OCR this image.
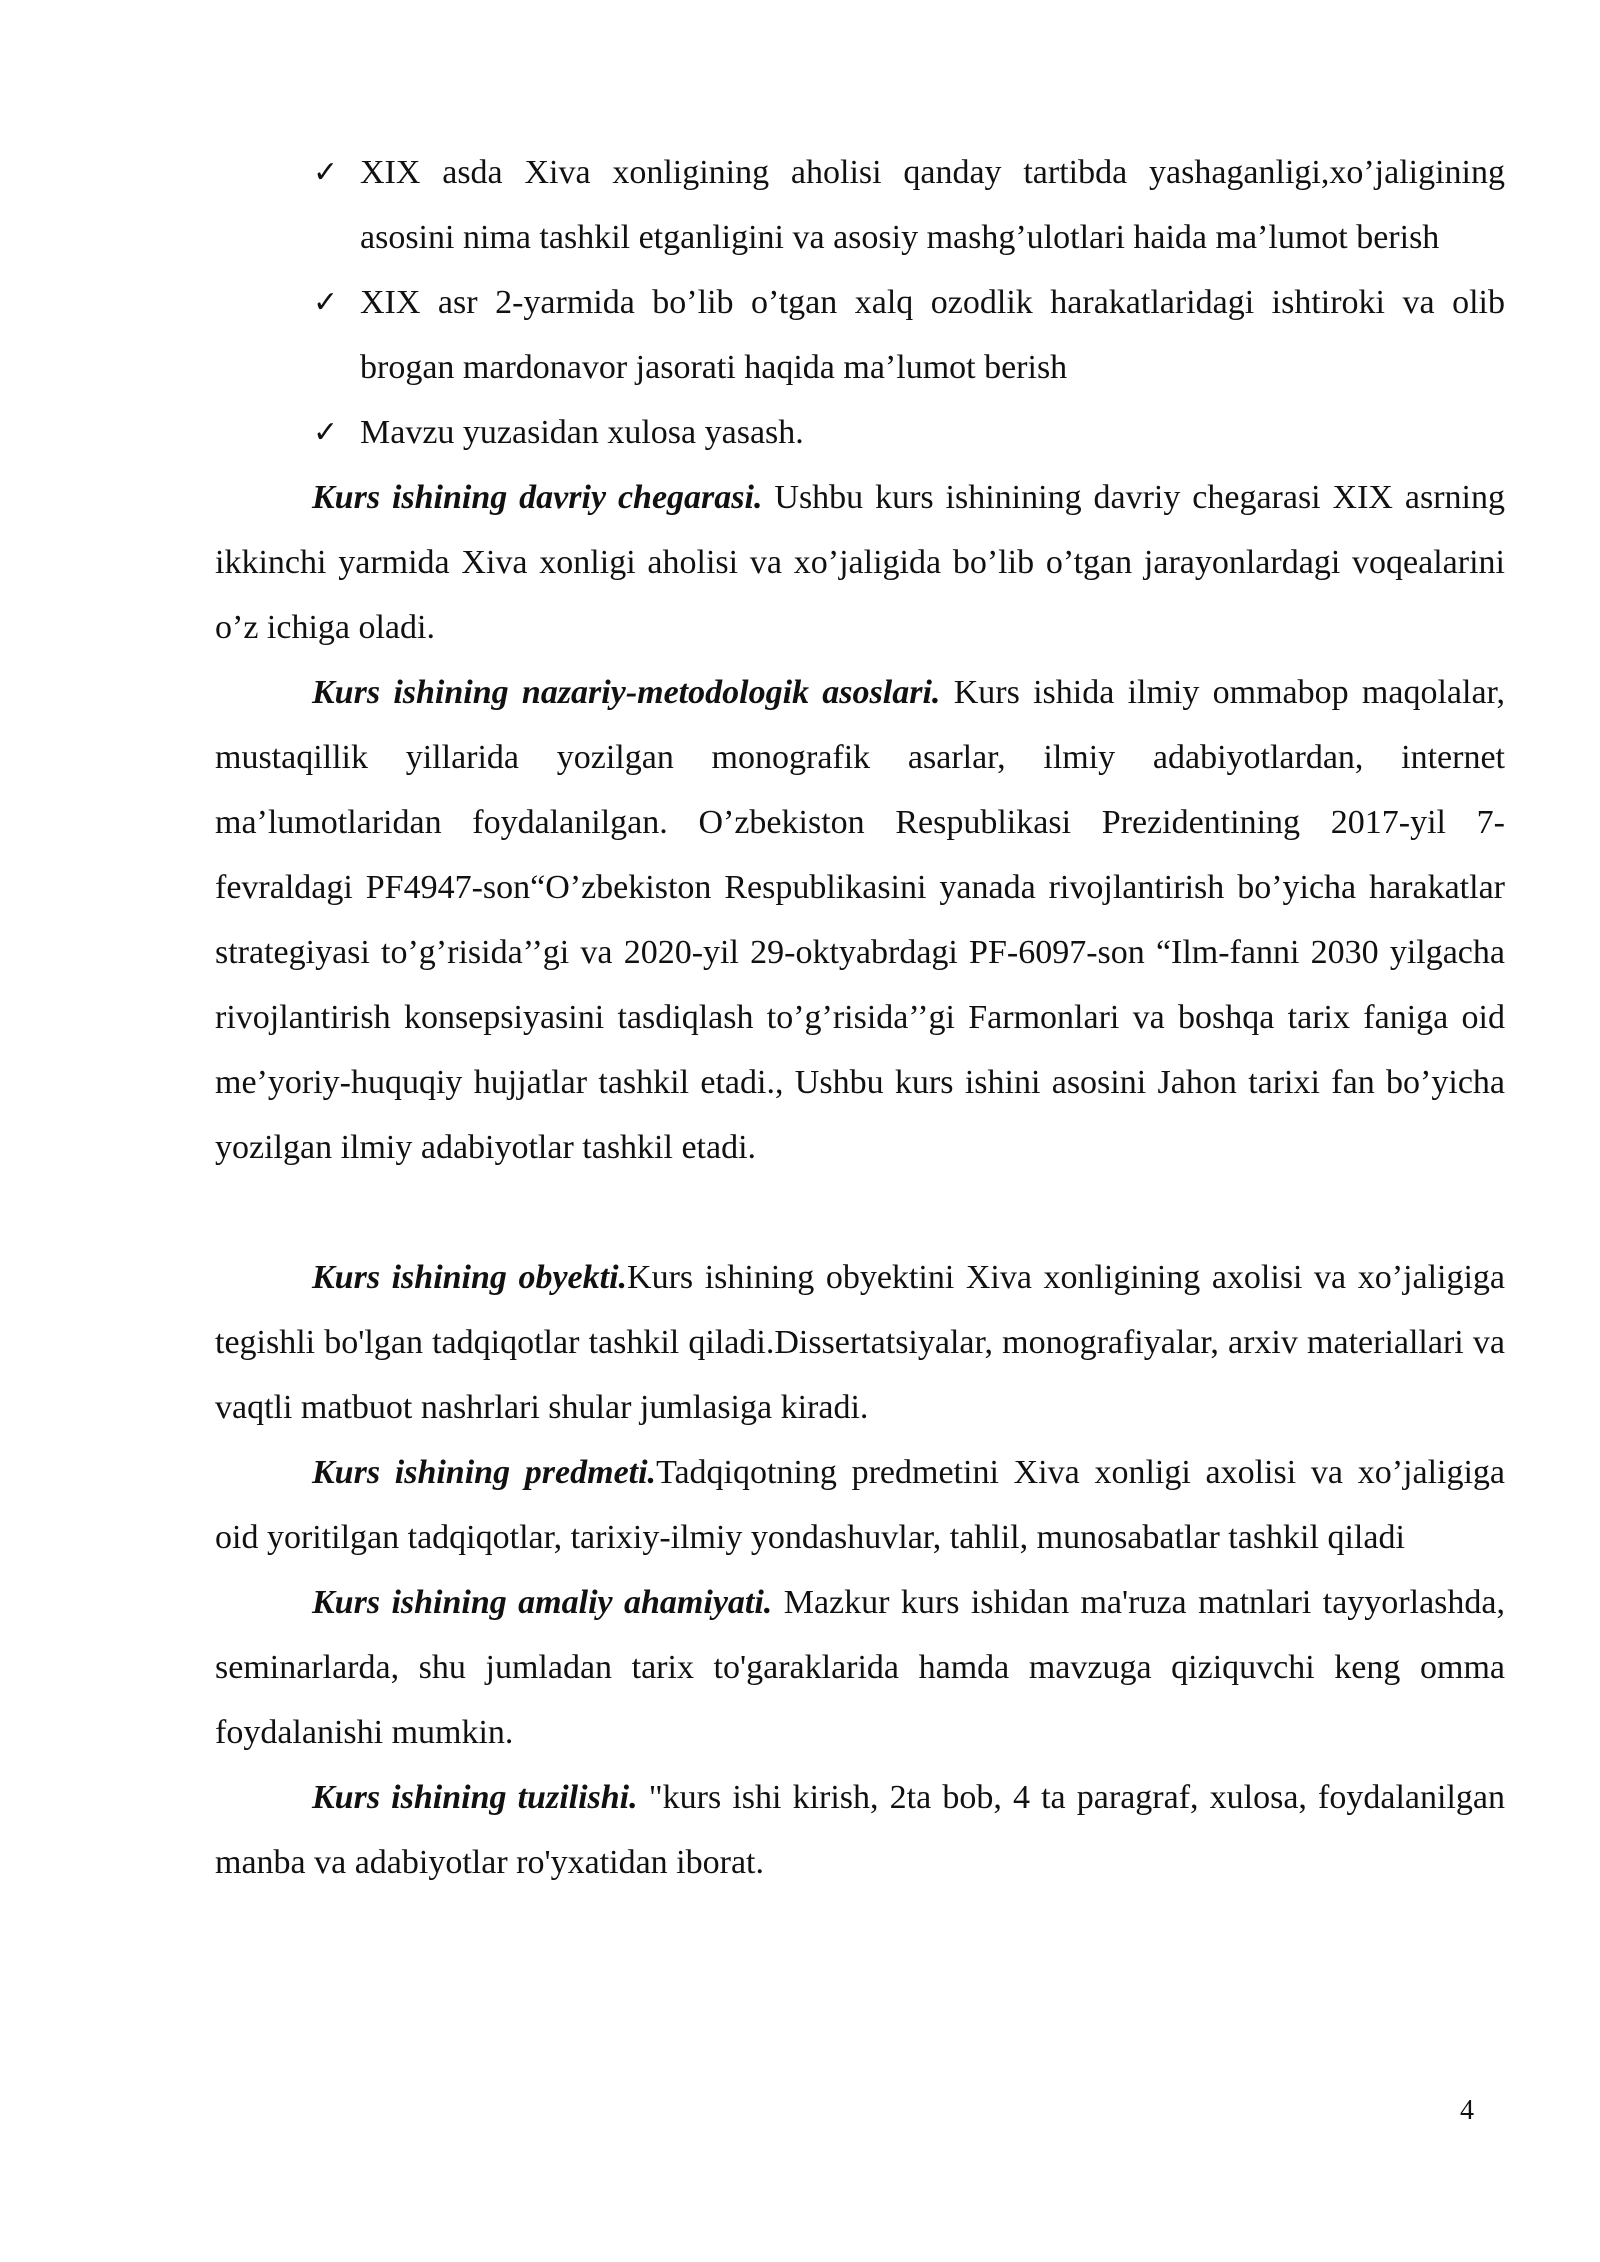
✓ XIX asda Xiva xonligining aholisi qanday tartibda yashaganligi,xo’jaligining asosini nima tashkil etganligini va asosiy mashg’ulotlari haida ma’lumot berish
✓ XIX asr 2-yarmida bo’lib o’tgan xalq ozodlik harakatlaridagi ishtiroki va olib brogan mardonavor jasorati haqida ma’lumot berish
✓ Mavzu yuzasidan xulosa yasash.

Kurs ishining davriy chegarasi. Ushbu kurs ishinining davriy chegarasi XIX asrning ikkinchi yarmida Xiva xonligi aholisi va xo’jaligida bo’lib o’tgan jarayonlardagi voqealarini o’z ichiga oladi.

Kurs ishining nazariy-metodologik asoslari. Kurs ishida ilmiy ommabop maqolalar, mustaqillik yillarida yozilgan monografik asarlar, ilmiy adabiyotlardan, internet ma’lumotlaridan foydalanilgan. O’zbekiston Respublikasi Prezidentining 2017-yil 7-fevraldagi PF4947-son“O’zbekiston Respublikasini yanada rivojlantirish bo’yicha harakatlar strategiyasi to’g’risida’’gi va 2020-yil 29-oktyabrdagi PF-6097-son “Ilm-fanni 2030 yilgacha rivojlantirish konsepsiyasini tasdiqlash to’g’risida’’gi Farmonlari va boshqa tarix faniga oid me’yoriy-huquqiy hujjatlar tashkil etadi., Ushbu kurs ishini asosini Jahon tarixi fan bo’yicha yozilgan ilmiy adabiyotlar tashkil etadi.

Kurs ishining obyekti.Kurs ishining obyektini Xiva xonligining axolisi va xo’jaligiga tegishli bo'lgan tadqiqotlar tashkil qiladi.Dissertatsiyalar, monografiyalar, arxiv materiallari va vaqtli matbuot nashrlari shular jumlasiga kiradi.

Kurs ishining predmeti.Tadqiqotning predmetini Xiva xonligi axolisi va xo’jaligiga oid yoritilgan tadqiqotlar, tarixiy-ilmiy yondashuvlar, tahlil, munosabatlar tashkil qiladi

Kurs ishining amaliy ahamiyati. Mazkur kurs ishidan ma'ruza matnlari tayyorlashda, seminarlarda, shu jumladan tarix to'garaklarida hamda mavzuga qiziquvchi keng omma foydalanishi mumkin.

Kurs ishining tuzilishi. "kurs ishi kirish, 2ta bob, 4 ta paragraf, xulosa, foydalanilgan manba va adabiyotlar ro'yxatidan iborat.

4
